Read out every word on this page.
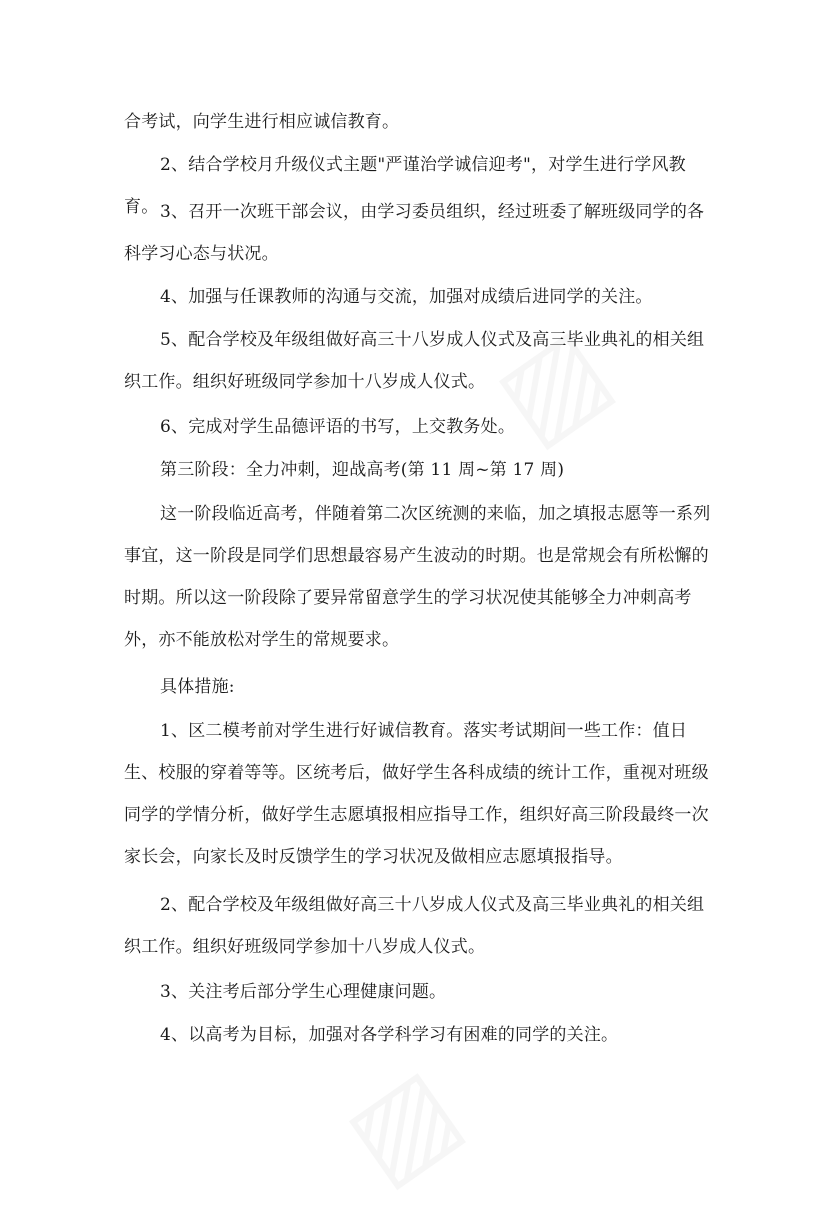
合考试，向学生进行相应诚信教育。

2、结合学校月升级仪式主题"严谨治学诚信迎考"，对学生进行学风教育。 3、召开一次班干部会议，由学习委员组织，经过班委了解班级同学的各科学习心态与状况。

4、加强与任课教师的沟通与交流，加强对成绩后进同学的关注。

5、配合学校及年级组做好高三十八岁成人仪式及高三毕业典礼的相关组织工作。组织好班级同学参加十八岁成人仪式。

6、完成对学生品德评语的书写，上交教务处。

第三阶段：全力冲刺，迎战高考(第 11 周~第 17 周)

这一阶段临近高考，伴随着第二次区统测的来临，加之填报志愿等一系列事宜，这一阶段是同学们思想最容易产生波动的时期。也是常规会有所松懈的时期。所以这一阶段除了要异常留意学生的学习状况使其能够全力冲刺高考外，亦不能放松对学生的常规要求。

具体措施:

1、区二模考前对学生进行好诚信教育。落实考试期间一些工作：值日生、校服的穿着等等。区统考后，做好学生各科成绩的统计工作，重视对班级同学的学情分析，做好学生志愿填报相应指导工作，组织好高三阶段最终一次家长会，向家长及时反馈学生的学习状况及做相应志愿填报指导。

2、配合学校及年级组做好高三十八岁成人仪式及高三毕业典礼的相关组织工作。组织好班级同学参加十八岁成人仪式。

3、关注考后部分学生心理健康问题。

4、以高考为目标，加强对各学科学习有困难的同学的关注。
